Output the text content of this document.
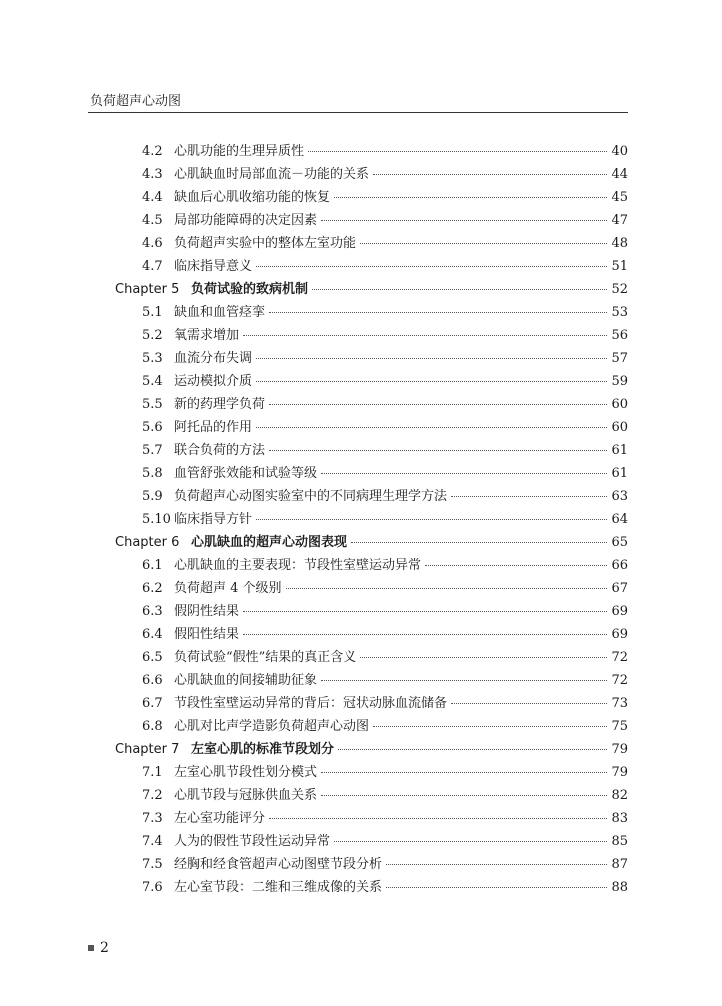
负荷超声心动图
4.2 心肌功能的生理异质性	40
4.3 心肌缺血时局部血流－功能的关系	44
4.4 缺血后心肌收缩功能的恢复	45
4.5 局部功能障碍的决定因素	47
4.6 负荷超声实验中的整体左室功能	48
4.7 临床指导意义	51
Chapter 5 负荷试验的致病机制	52
5.1 缺血和血管痉挛	53
5.2 氧需求增加	56
5.3 血流分布失调	57
5.4 运动模拟介质	59
5.5 新的药理学负荷	60
5.6 阿托品的作用	60
5.7 联合负荷的方法	61
5.8 血管舒张效能和试验等级	61
5.9 负荷超声心动图实验室中的不同病理生理学方法	63
5.10 临床指导方针	64
Chapter 6 心肌缺血的超声心动图表现	65
6.1 心肌缺血的主要表现：节段性室壁运动异常	66
6.2 负荷超声 4 个级别	67
6.3 假阴性结果	69
6.4 假阳性结果	69
6.5 负荷试验“假性”结果的真正含义	72
6.6 心肌缺血的间接辅助征象	72
6.7 节段性室壁运动异常的背后：冠状动脉血流储备	73
6.8 心肌对比声学造影负荷超声心动图	75
Chapter 7 左室心肌的标准节段划分	79
7.1 左室心肌节段性划分模式	79
7.2 心肌节段与冠脉供血关系	82
7.3 左心室功能评分	83
7.4 人为的假性节段性运动异常	85
7.5 经胸和经食管超声心动图壁节段分析	87
7.6 左心室节段：二维和三维成像的关系	88
2
